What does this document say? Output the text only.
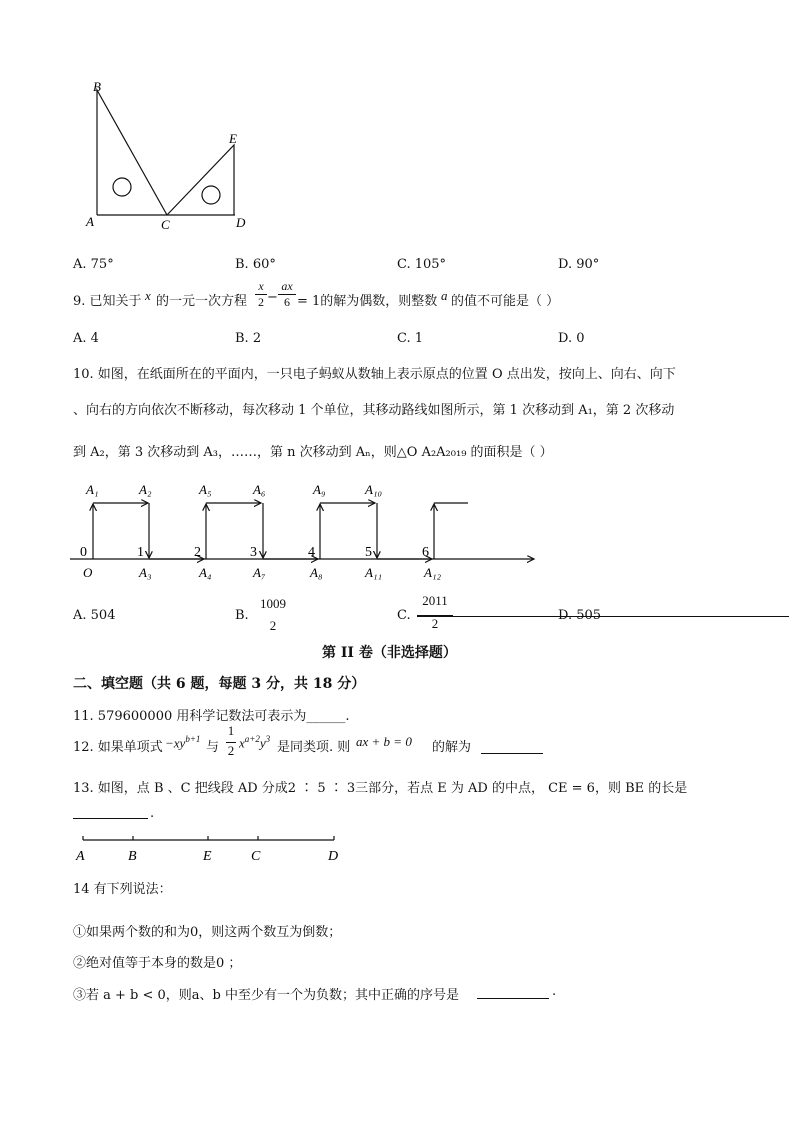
B
E
A	C	D
A. 75°	B. 60°	C. 105°	D. 90°
9. 已知关于 x 的一元一次方程 $\frac{x}{2} - \frac{ax}{6} = 1$的解为偶数，则整数 a 的值不可能是（ ）
A. 4	B. 2	C. 1	D. 0
10. 如图，在纸面所在的平面内，一只电子蚂蚁从数轴上表示原点的位置 O 点出发，按向上、向右、向下
、向右的方向依次不断移动，每次移动 1 个单位，其移动路线如图所示，第 1 次移动到 A₁，第 2 次移动
到 A₂，第 3 次移动到 A₃，……，第 n 次移动到 Aₙ，则△O A₂A₂₀₁₉ 的面积是（ ）
A₁	A₂	A₅	A₆	A₉	A₁₀
0	1	2	3	4	5	6
O	A₃	A₄	A₇	A₈	A₁₁	A₁₂
A. 504	B.
1009
2
C. $\frac{2011}{2}$	D. 505
第 II 卷（非选择题）
二、填空题（共 6 题，每题 3 分，共 18 分）
11. 579600000 用科学记数法可表示为______.
12. 如果单项式 $-xy^{b+1}$
与 $\frac{1}{2} x^{a+2}y^3$
是同类项. 则 ax + b = 0 的解为
13. 如图，点 B 、C 把线段 AD 分成2 ∶ 5 ∶ 3三部分，若点 E 为 AD 的中点， CE = 6，则 BE 的长是
.
A	B	E	C	D
14 有下列说法：
①如果两个数的和为0，则这两个数互为倒数；
②绝对值等于本身的数是0 ；
③若 a + b < 0，则a、b 中至少有一个为负数；其中正确的序号是	.
